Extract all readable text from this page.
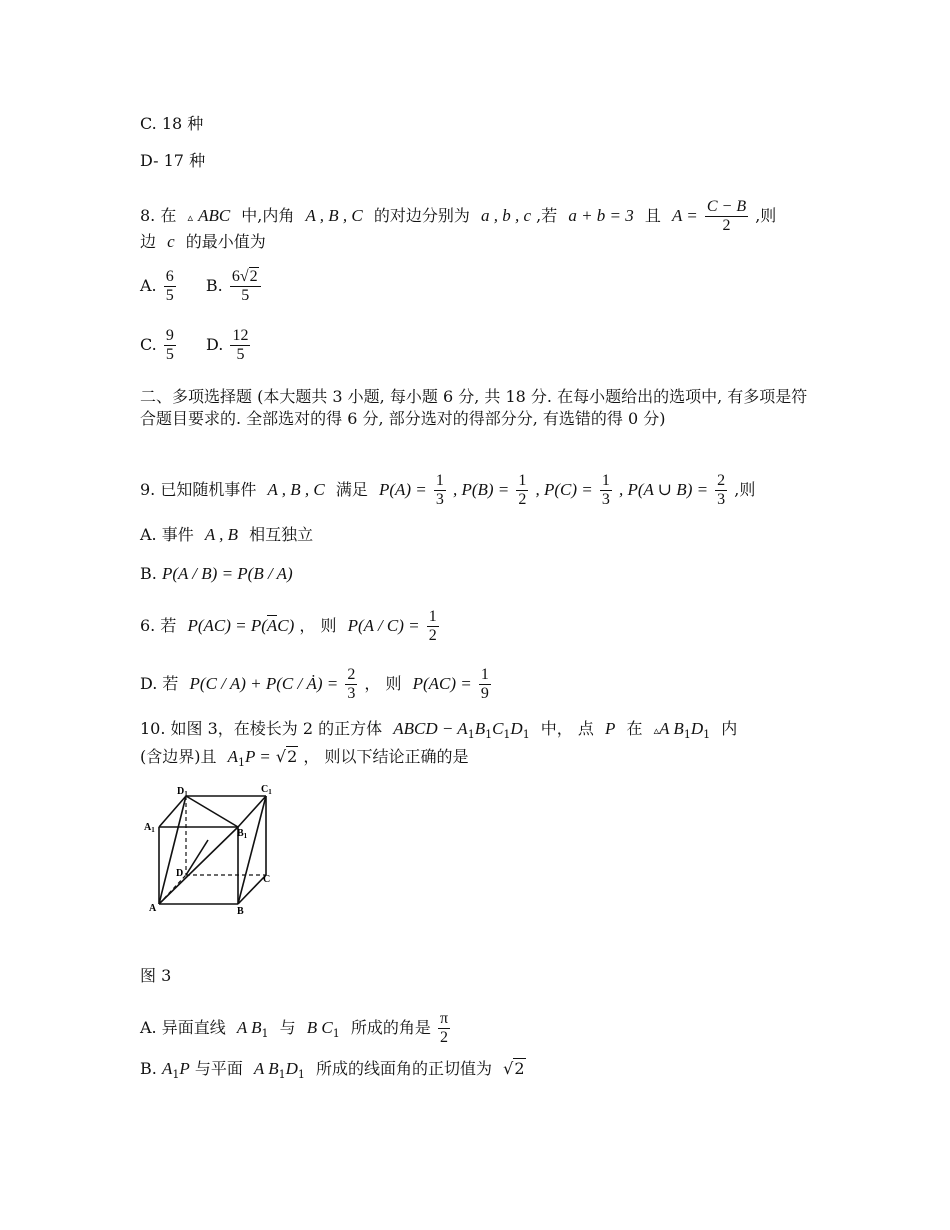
C. 18 种
D- 17 种
8. 在 ▵ ABC 中,内角 A , B , C 的对边分别为 a , b , c ,若 a + b = 3 且 $A = \frac{C - B}{2}$ ,则
边 c 的最小值为
A. $\frac{6}{5} B$. $\frac{6√2}{5}$
C. $\frac{9}{5} D$. $\frac{12}{5}$
二、多项选择题 (本大题共 3 小题, 每小题 6 分, 共 18 分. 在每小题给出的选项中, 有多项是符合题目要求的. 全部选对的得 6 分, 部分选对的得部分分, 有选错的得 0 分)
9. 已知随机事件 A , B , C 满足 $P(A) = \frac{1}{3}$ , $P(B) = \frac{1}{2}$ , $P(C) = \frac{1}{3}$ , P(A ∪ $B) = \frac{2}{3}$ ,则
A. 事件 A , B 相互独立
B. P(A / B) = P(B / A)
6. 若 P(AC) = P(AC) ， 则 $P(A / C) = \frac{1}{2}$
D. 若 P(C / A) + P(C / Ȧ) = $\frac{2}{3}$ ， 则 $P(AC) = \frac{1}{9}$
10. 如图 3，在棱长为 2 的正方体 ABCD − $A_1B_1C_1D_1$ 中， 点 P 在 ▵A $B_1D_1$ 内
(含边界)且 $A_1P = √2$ ， 则以下结论正确的是
$D_1$	$C_1$
$A_1$	$B_1$
D
C
A	B
图 3
A. 异面直线 A $B_1$ 与 B $C_1$ 所成的角是 $\frac{\pi}{2}$
B. $A_1P$ 与平面 A $B_1D_1$ 所成的线面角的正切值为 √2
